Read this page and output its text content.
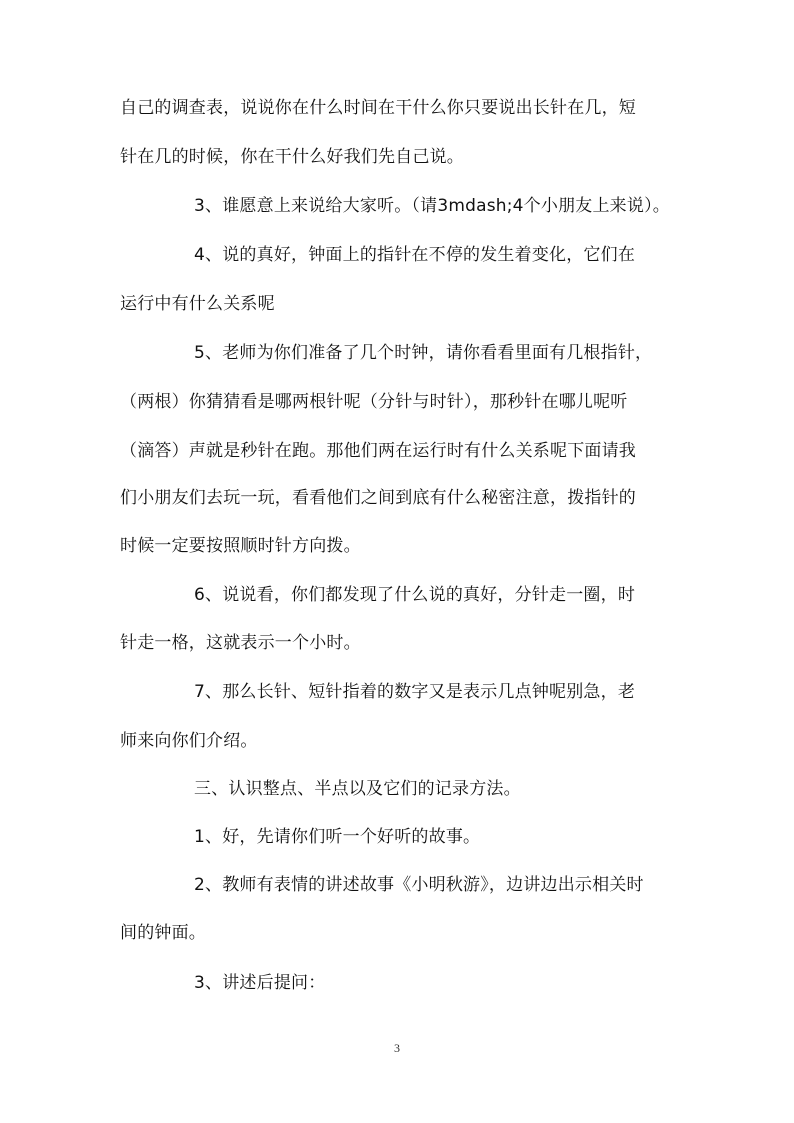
自己的调查表，说说你在什么时间在干什么你只要说出长针在几，短
针在几的时候，你在干什么好我们先自己说。
3、谁愿意上来说给大家听。（请3mdash;4个小朋友上来说）。
4、说的真好，钟面上的指针在不停的发生着变化，它们在
运行中有什么关系呢
5、老师为你们准备了几个时钟，请你看看里面有几根指针，
（两根）你猜猜看是哪两根针呢（分针与时针），那秒针在哪儿呢听
（滴答）声就是秒针在跑。那他们两在运行时有什么关系呢下面请我
们小朋友们去玩一玩，看看他们之间到底有什么秘密注意，拨指针的
时候一定要按照顺时针方向拨。
6、说说看，你们都发现了什么说的真好，分针走一圈，时
针走一格，这就表示一个小时。
7、那么长针、短针指着的数字又是表示几点钟呢别急，老
师来向你们介绍。
三、认识整点、半点以及它们的记录方法。
1、好，先请你们听一个好听的故事。
2、教师有表情的讲述故事《小明秋游》，边讲边出示相关时
间的钟面。
3、讲述后提问：
3
